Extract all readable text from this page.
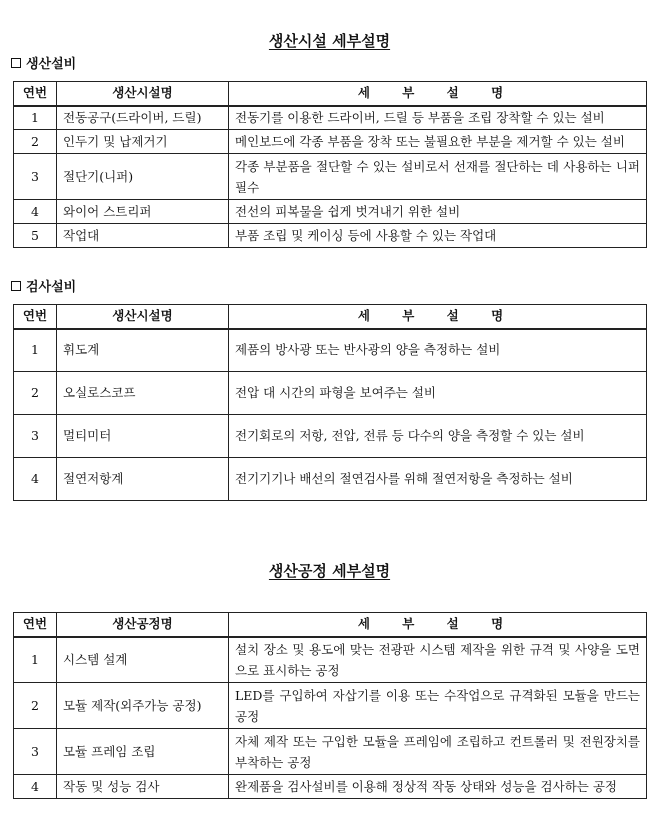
생산시설 세부설명
생산설비
연번	생산시설명	세 부 설 명
1	전동공구(드라이버, 드릴)	전동기를 이용한 드라이버, 드릴 등 부품을 조립 장착할 수 있는 설비
2	인두기 및 납제거기	메인보드에 각종 부품을 장착 또는 불필요한 부분을 제거할 수 있는 설비
3	절단기(니퍼)	각종 부분품을 절단할 수 있는 설비로서 선재를 절단하는 데 사용하는 니퍼 필수
4	와이어 스트리퍼	전선의 피복물을 쉽게 벗겨내기 위한 설비
5	작업대	부품 조립 및 케이싱 등에 사용할 수 있는 작업대
검사설비
연번	생산시설명	세 부 설 명
1	휘도계	제품의 방사광 또는 반사광의 양을 측정하는 설비
2	오실로스코프	전압 대 시간의 파형을 보여주는 설비
3	멀티미터	전기회로의 저항, 전압, 전류 등 다수의 양을 측정할 수 있는 설비
4	절연저항계	전기기기나 배선의 절연검사를 위해 절연저항을 측정하는 설비
생산공정 세부설명
연번	생산공정명	세 부 설 명
1	시스템 설계	설치 장소 및 용도에 맞는 전광판 시스템 제작을 위한 규격 및 사양을 도면으로 표시하는 공정
2	모듈 제작(외주가능 공정)	LED를 구입하여 자삽기를 이용 또는 수작업으로 규격화된 모듈을 만드는 공정
3	모듈 프레임 조립	자체 제작 또는 구입한 모듈을 프레임에 조립하고 컨트롤러 및 전원장치를 부착하는 공정
4	작동 및 성능 검사	완제품을 검사설비를 이용해 정상적 작동 상태와 성능을 검사하는 공정
